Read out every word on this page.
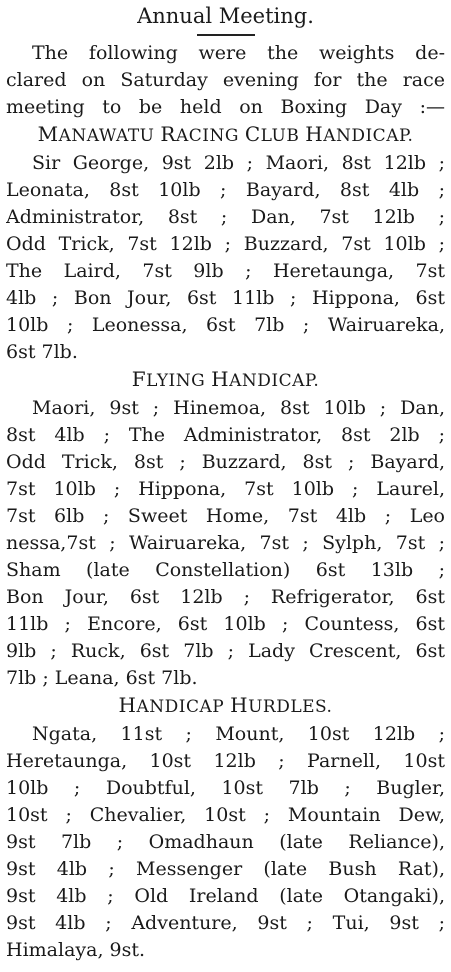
Annual Meeting.
The following were the weights de-
clared on Saturday evening for the race
meeting to be held on Boxing Day :—
MANAWATU RACING CLUB HANDICAP.
Sir George, 9st 2lb ; Maori, 8st 12lb ;
Leonata, 8st 10lb ; Bayard, 8st 4lb ;
Administrator, 8st ; Dan, 7st 12lb ;
Odd Trick, 7st 12lb ; Buzzard, 7st 10lb ;
The Laird, 7st 9lb ; Heretaunga, 7st
4lb ; Bon Jour, 6st 11lb ; Hippona, 6st
10lb ; Leonessa, 6st 7lb ; Wairuareka,
6st 7lb.
FLYING HANDICAP.
Maori, 9st ; Hinemoa, 8st 10lb ; Dan,
8st 4lb ; The Administrator, 8st 2lb ;
Odd Trick, 8st ; Buzzard, 8st ; Bayard,
7st 10lb ; Hippona, 7st 10lb ; Laurel,
7st 6lb ; Sweet Home, 7st 4lb ; Leo
nessa,7st ; Wairuareka, 7st ; Sylph, 7st ;
Sham (late Constellation) 6st 13lb ;
Bon Jour, 6st 12lb ; Refrigerator, 6st
11lb ; Encore, 6st 10lb ; Countess, 6st
9lb ; Ruck, 6st 7lb ; Lady Crescent, 6st
7lb ; Leana, 6st 7lb.
HANDICAP HURDLES.
Ngata, 11st ; Mount, 10st 12lb ;
Heretaunga, 10st 12lb ; Parnell, 10st
10lb ; Doubtful, 10st 7lb ; Bugler,
10st ; Chevalier, 10st ; Mountain Dew,
9st 7lb ; Omadhaun (late Reliance),
9st 4lb ; Messenger (late Bush Rat),
9st 4lb ; Old Ireland (late Otangaki),
9st 4lb ; Adventure, 9st ; Tui, 9st ;
Himalaya, 9st.
